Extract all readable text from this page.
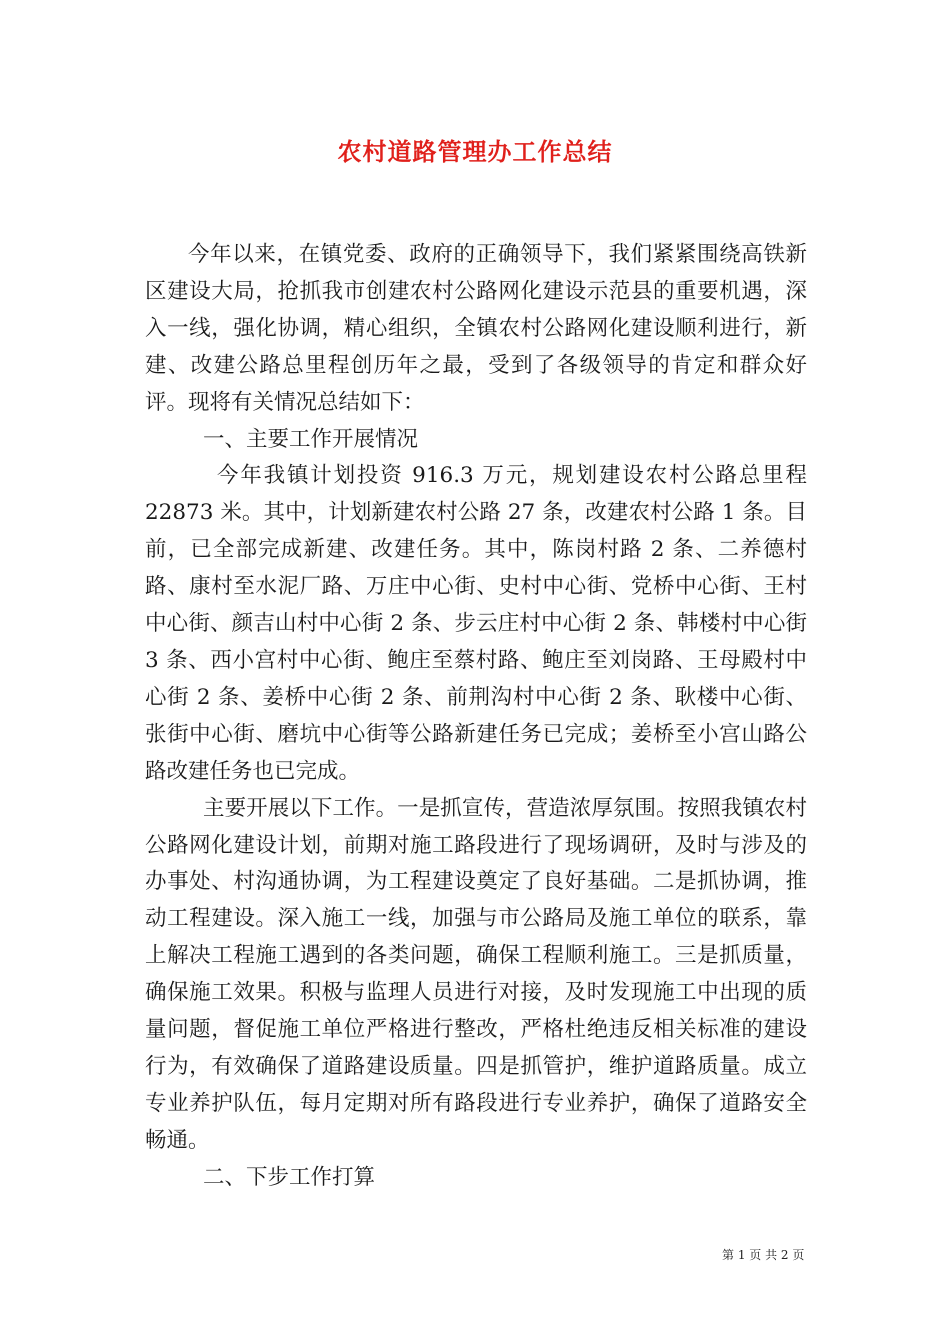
农村道路管理办工作总结

今年以来，在镇党委、政府的正确领导下，我们紧紧围绕高铁新区建设大局，抢抓我市创建农村公路网化建设示范县的重要机遇，深入一线，强化协调，精心组织，全镇农村公路网化建设顺利进行，新建、改建公路总里程创历年之最，受到了各级领导的肯定和群众好评。现将有关情况总结如下：

一、主要工作开展情况

今年我镇计划投资 916.3 万元，规划建设农村公路总里程 22873 米。其中，计划新建农村公路 27 条，改建农村公路 1 条。目前，已全部完成新建、改建任务。其中，陈岗村路 2 条、二养德村路、康村至水泥厂路、万庄中心街、史村中心街、党桥中心街、王村中心街、颜吉山村中心街 2 条、步云庄村中心街 2 条、韩楼村中心街 3 条、西小宫村中心街、鲍庄至蔡村路、鲍庄至刘岗路、王母殿村中心街 2 条、姜桥中心街 2 条、前荆沟村中心街 2 条、耿楼中心街、张街中心街、磨坑中心街等公路新建任务已完成；姜桥至小宫山路公路改建任务也已完成。

主要开展以下工作。一是抓宣传，营造浓厚氛围。按照我镇农村公路网化建设计划，前期对施工路段进行了现场调研，及时与涉及的办事处、村沟通协调，为工程建设奠定了良好基础。二是抓协调，推动工程建设。深入施工一线，加强与市公路局及施工单位的联系，靠上解决工程施工遇到的各类问题，确保工程顺利施工。三是抓质量，确保施工效果。积极与监理人员进行对接，及时发现施工中出现的质量问题，督促施工单位严格进行整改，严格杜绝违反相关标准的建设行为，有效确保了道路建设质量。四是抓管护，维护道路质量。成立专业养护队伍，每月定期对所有路段进行专业养护，确保了道路安全畅通。

二、下步工作打算

第 1 页 共 2 页
